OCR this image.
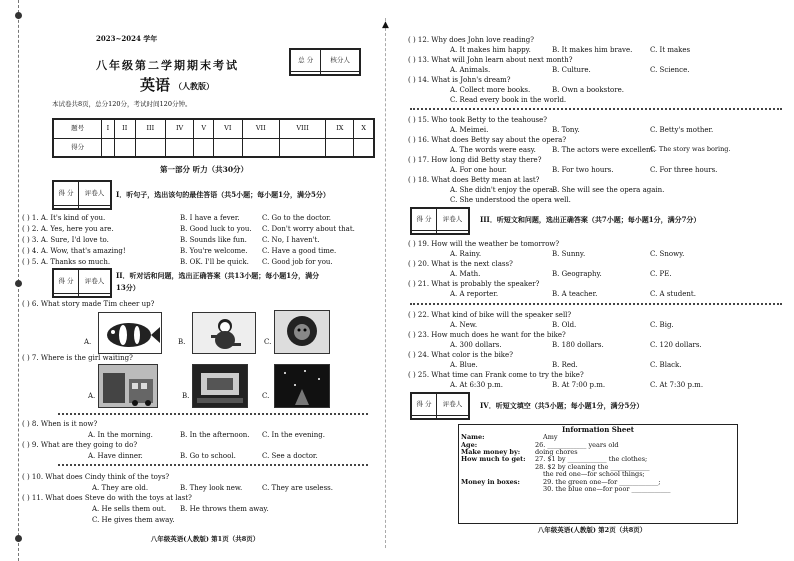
2023~2024 学年
八年级第二学期期末考试
英语 （人教版）
本试卷共8页，总分120分，考试时间120分钟。
总 分	核分人

题号	I	II	III	IV	V	VI	VII	VIII	IX	X
得分										
第一部分 听力（共30分）
得 分	评卷人
	I．听句子，选出该句的最佳答语（共5小题；每小题1分，满分5分）
( ) 1. A. It's kind of you.	B. I have a fever.	C. Go to the doctor.
( ) 2. A. Yes, here you are.	B. Good luck to you. C. Don't worry about that.
( ) 3. A. Sure, I'd love to.	B. Sounds like fun. C. No, I haven't.
( ) 4. A. Wow, that's amazing!	B. You're welcome. C. Have a good time.
( ) 5. A. Thanks so much.	B. OK. I'll be quick. C. Good job for you.
得 分	评卷人

II．听对话和问题，选出正确答案（共13小题；每小题1分，满分
13分）
( ) 6. What story made Tim cheer up?
A.	B.	C.
( ) 7. Where is the girl waiting?
A.	B.	C.
( ) 8. When is it now?
A. In the morning.	B. In the afternoon. C. In the evening.
( ) 9. What are they going to do?
A. Have dinner.	B. Go to school.	C. See a doctor.
( ) 10. What does Cindy think of the toys?
A. They are old.	B. They look new.	C. They are useless.
( ) 11. What does Steve do with the toys at last?
A. He sells them out. B. He throws them away.
C. He gives them away.
八年级英语(人教版) 第1页（共8页）
▲
( ) 12. Why does John love reading?
A. It makes him happy.	B. It makes him brave.	C. It makes
( ) 13. What will John learn about next month?
A. Animals.	B. Culture.	C. Science.
( ) 14. What is John's dream?
A. Collect more books.	B. Own a bookstore.
C. Read every book in the world.
( ) 15. Who took Betty to the teahouse?
A. Meimei.	B. Tony.	C. Betty's mother.
( ) 16. What does Betty say about the opera?
A. The words were easy. B. The actors were excellent.
C. The story was boring.
( ) 17. How long did Betty stay there?
A. For one hour.	B. For two hours.	C. For three hours.
( ) 18. What does Betty mean at last?
A. She didn't enjoy the opera.
B. She will see the opera again.
C. She understood the opera well.
得 分	评卷人
		III．听短文和问题，选出正确答案（共7小题；每小题1分，满分7分）
( ) 19. How will the weather be tomorrow?
A. Rainy.	B. Sunny.	C. Snowy.
( ) 20. What is the next class?
A. Math.	B. Geography.	C. PE.
( ) 21. What is probably the speaker?
A. A reporter.	B. A teacher.	C. A student.
( ) 22. What kind of bike will the speaker sell?
A. New.	B. Old.	C. Big.
( ) 23. How much does he want for the bike?
A. 300 dollars.	B. 180 dollars.	C. 120 dollars.
( ) 24. What color is the bike?
A. Blue.	B. Red.	C. Black.
( ) 25. What time can Frank come to try the bike?
A. At 6:30 p.m.	B. At 7:00 p.m.	C. At 7:30 p.m.
得 分	评卷人
		IV．听短文填空（共5小题；每小题1分，满分5分）
Information Sheet
Name:	Amy
Age:	26. ____________ years old
Make money by:	doing chores
How much to get:	27. $1 by ____________ the clothes;
	28. $2 by cleaning the ____________
	the red one—for school things;
Money in boxes:	29. the green one—for ____________;
	30. the blue one—for poor ____________
八年级英语(人教版) 第2页（共8页）
